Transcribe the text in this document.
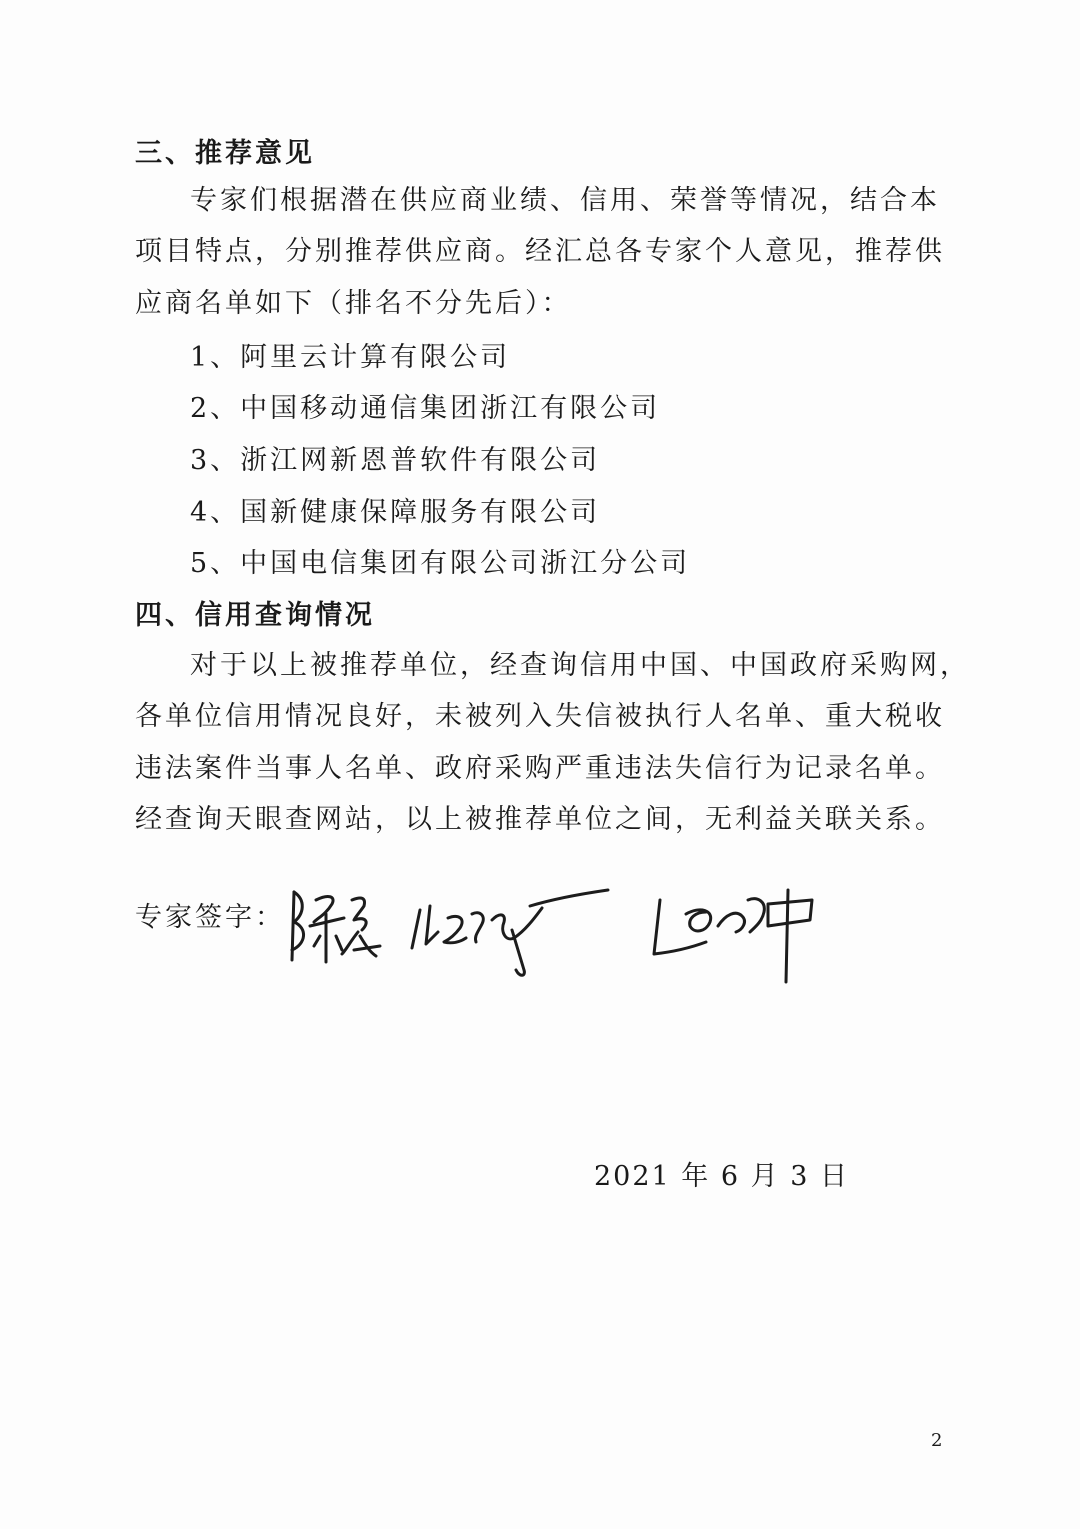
三、推荐意见
专家们根据潜在供应商业绩、信用、荣誉等情况，结合本
项目特点，分别推荐供应商。经汇总各专家个人意见，推荐供
应商名单如下（排名不分先后）：
1、阿里云计算有限公司
2、中国移动通信集团浙江有限公司
3、浙江网新恩普软件有限公司
4、国新健康保障服务有限公司
5、中国电信集团有限公司浙江分公司
四、信用查询情况
对于以上被推荐单位，经查询信用中国、中国政府采购网，
各单位信用情况良好，未被列入失信被执行人名单、重大税收
违法案件当事人名单、政府采购严重违法失信行为记录名单。
经查询天眼查网站，以上被推荐单位之间，无利益关联关系。
专家签字：
2021 年 6 月 3 日
2
